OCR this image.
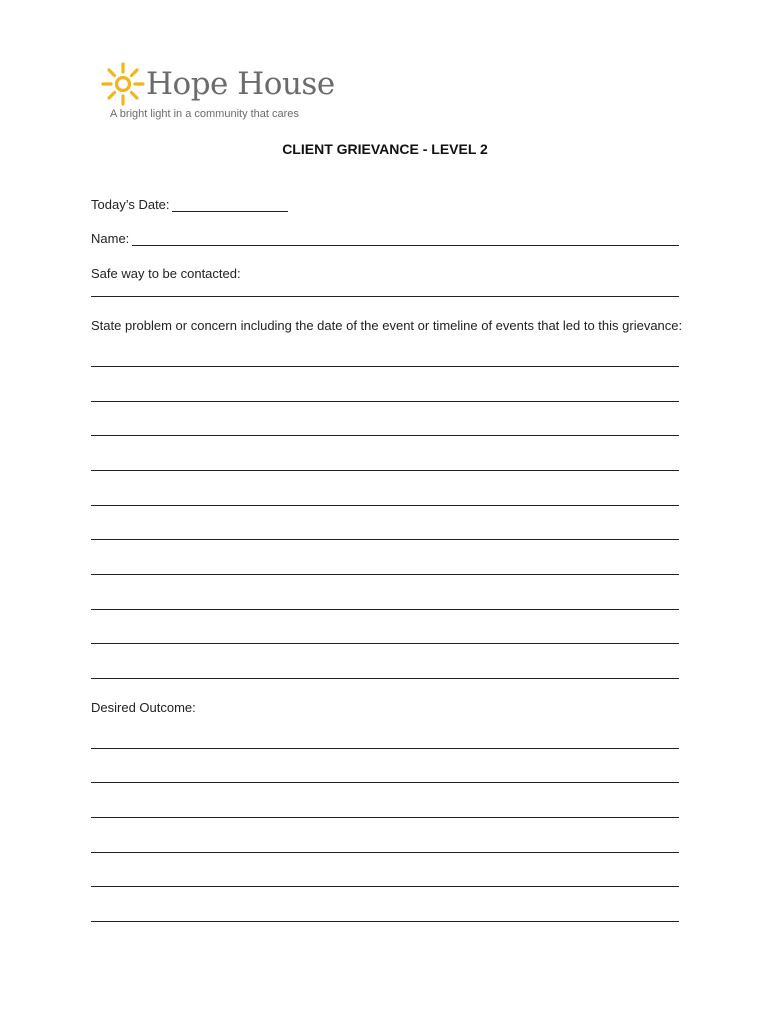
Hope House
A bright light in a community that cares
CLIENT GRIEVANCE - LEVEL 2
Today’s Date:
Name:
Safe way to be contacted:
State problem or concern including the date of the event or timeline of events that led to this grievance:
Desired Outcome:
